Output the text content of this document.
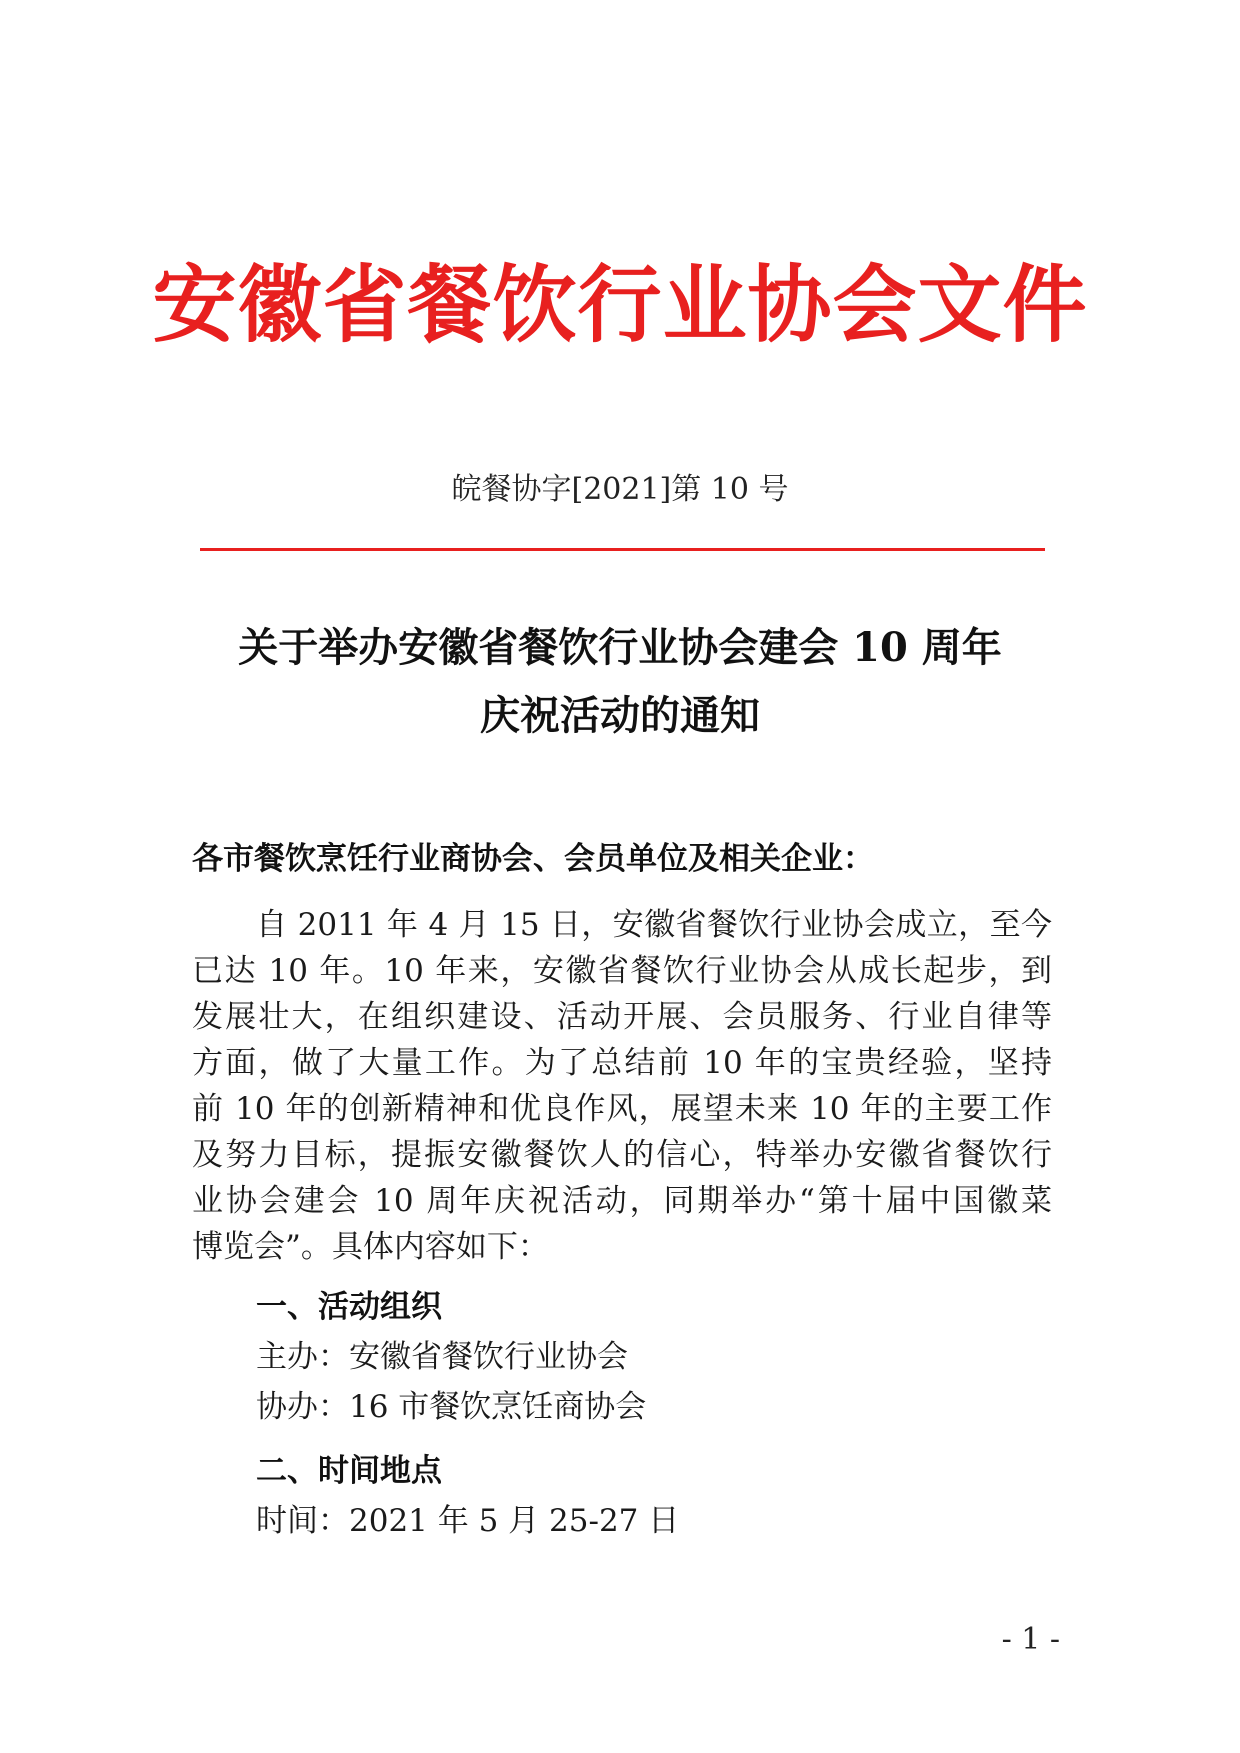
安徽省餐饮行业协会文件
皖餐协字[2021]第 10 号
关于举办安徽省餐饮行业协会建会 10 周年
庆祝活动的通知
各市餐饮烹饪行业商协会、会员单位及相关企业：
自 2011 年 4 月 15 日，安徽省餐饮行业协会成立，至今
已达 10 年。10 年来，安徽省餐饮行业协会从成长起步，到
发展壮大，在组织建设、活动开展、会员服务、行业自律等
方面，做了大量工作。为了总结前 10 年的宝贵经验，坚持
前 10 年的创新精神和优良作风，展望未来 10 年的主要工作
及努力目标，提振安徽餐饮人的信心，特举办安徽省餐饮行
业协会建会 10 周年庆祝活动，同期举办“第十届中国徽菜
博览会”。具体内容如下：
一、活动组织
主办：安徽省餐饮行业协会
协办：16 市餐饮烹饪商协会
二、时间地点
时间：2021 年 5 月 25-27 日
- 1 -
